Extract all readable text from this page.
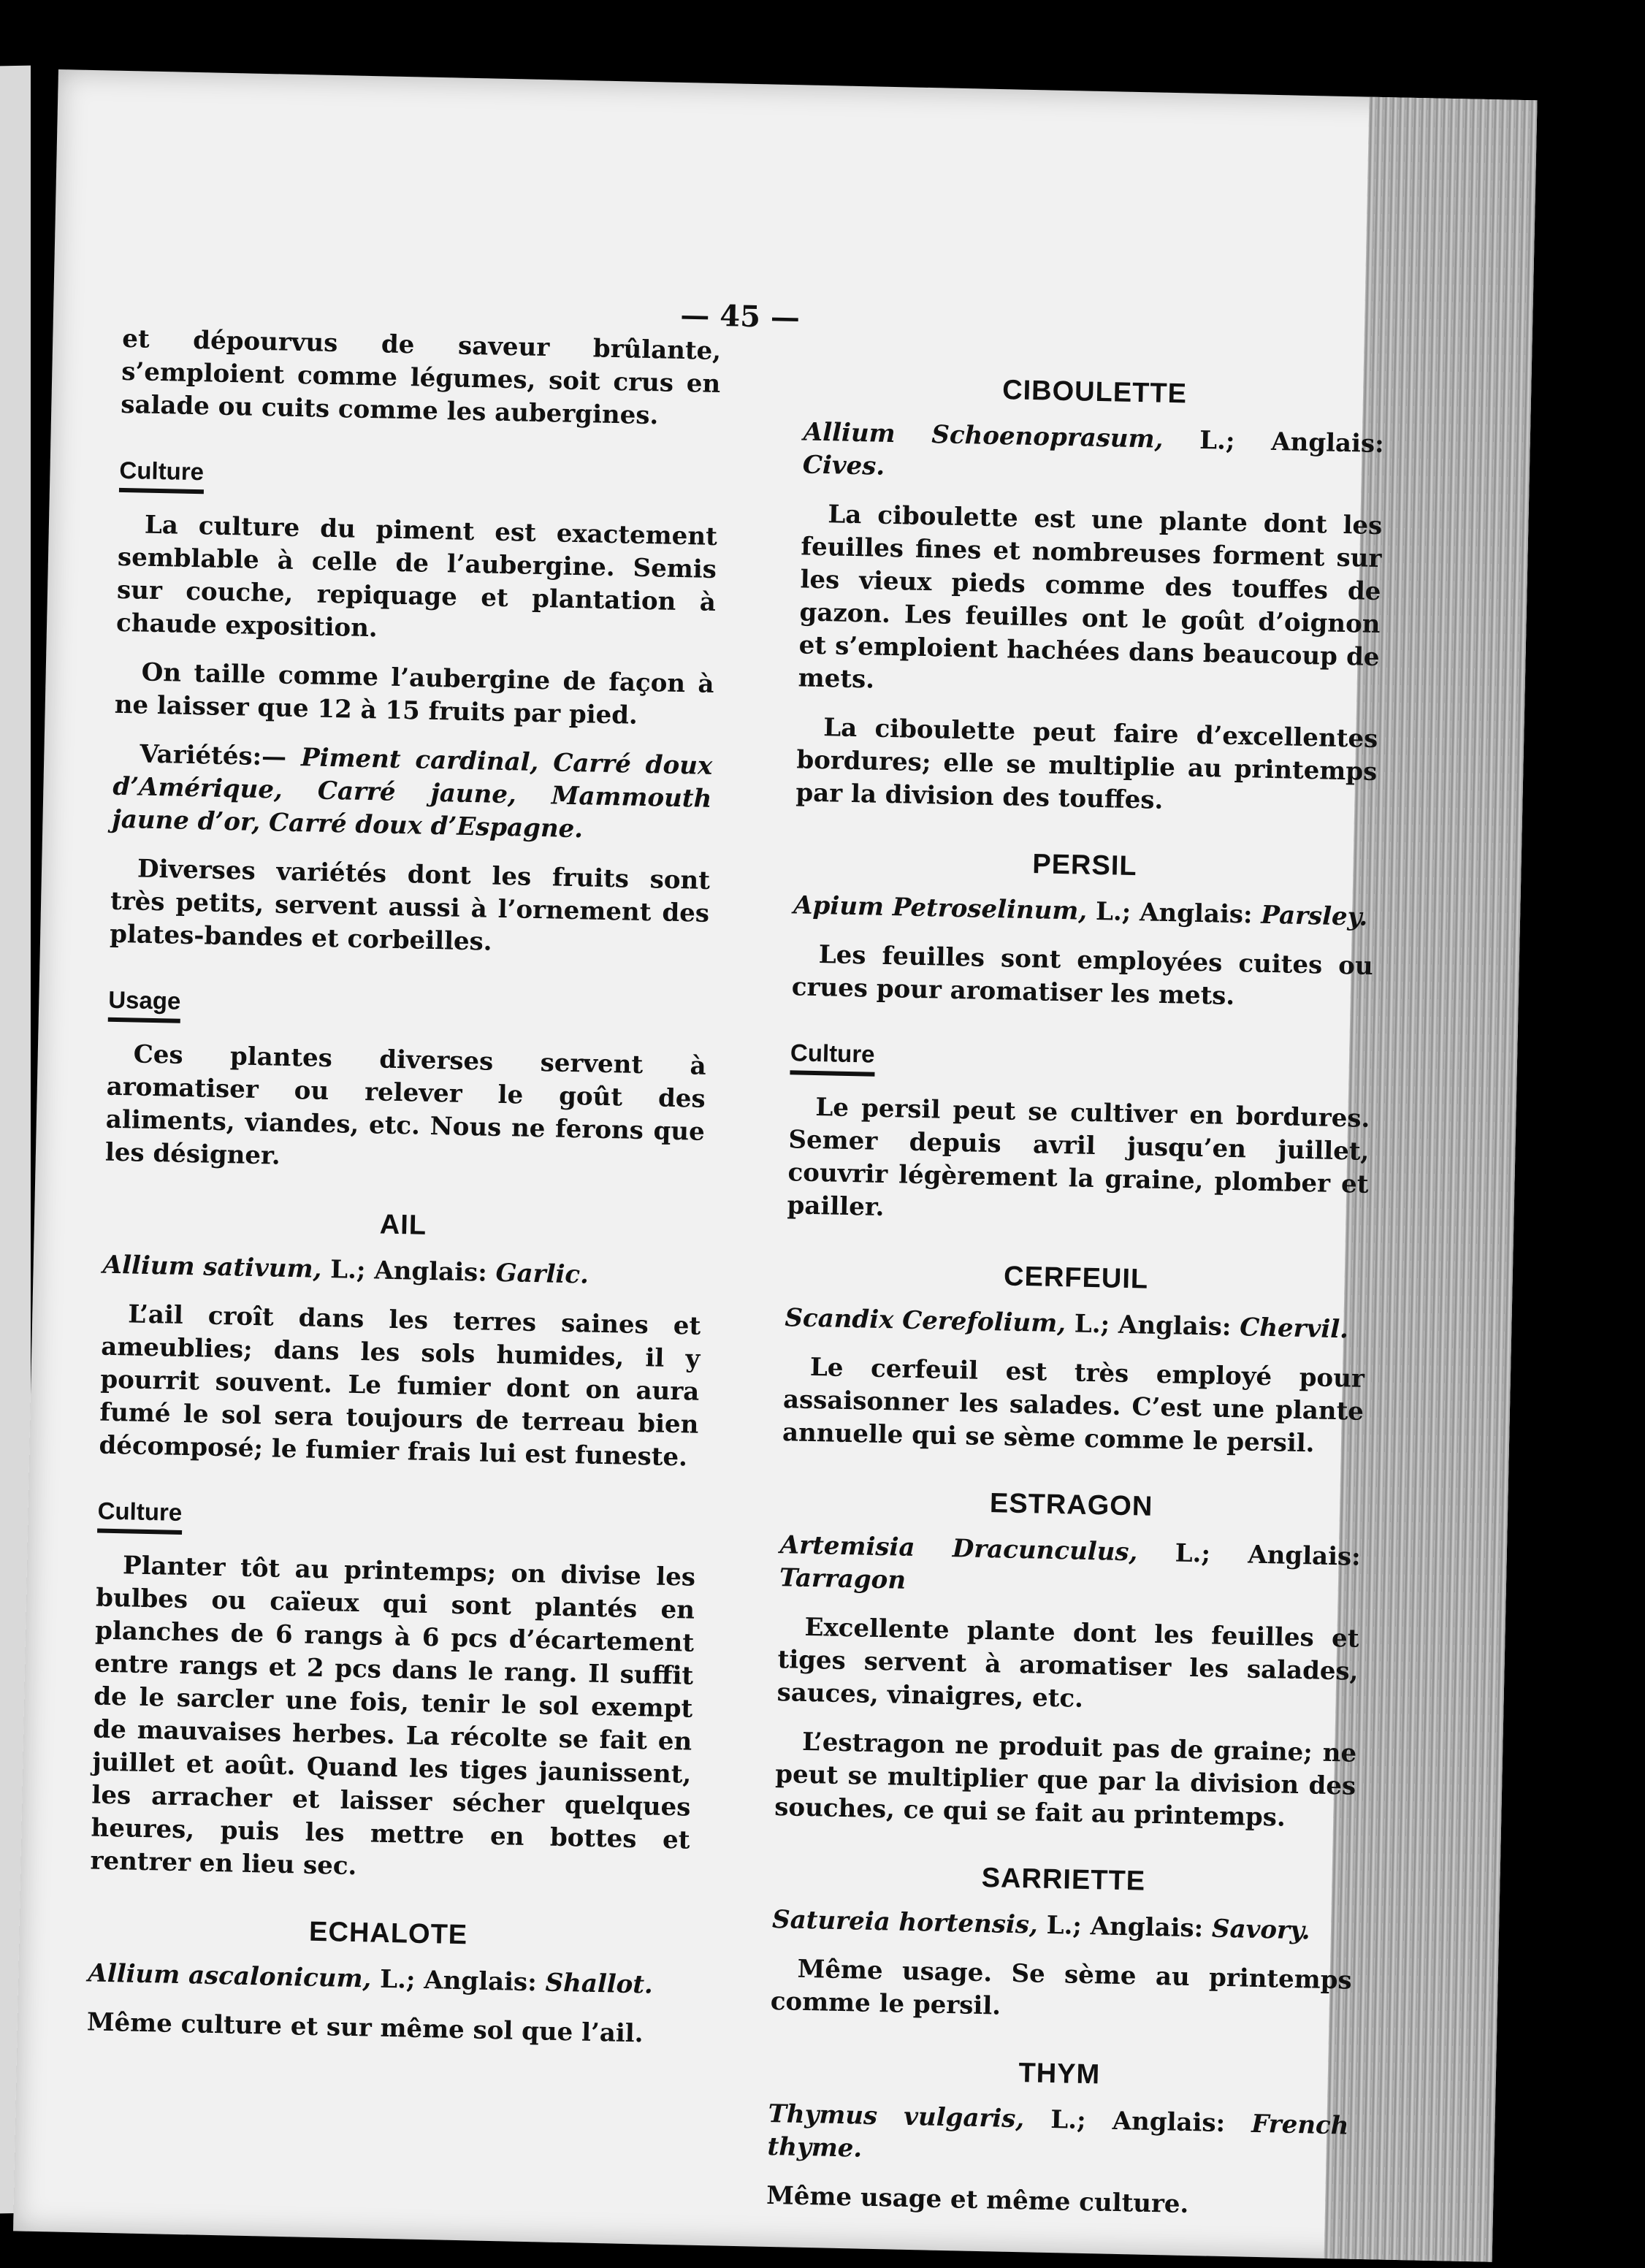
— 45 —

et dépourvus de saveur brûlante, s’emploient comme légumes, soit crus en salade ou cuits comme les aubergines.

Culture

La culture du piment est exactement semblable à celle de l’aubergine. Semis sur couche, repiquage et plantation à chaude exposition.

On taille comme l’aubergine de façon à ne laisser que 12 à 15 fruits par pied.

Variétés:— Piment cardinal, Carré doux d’Amérique, Carré jaune, Mammouth jaune d’or, Carré doux d’Espagne.

Diverses variétés dont les fruits sont très petits, servent aussi à l’ornement des plates-bandes et corbeilles.

Usage

Ces plantes diverses servent à aromatiser ou relever le goût des aliments, viandes, etc. Nous ne ferons que les désigner.

AIL

Allium sativum, L.; Anglais: Garlic.

L’ail croît dans les terres saines et ameublies; dans les sols humides, il y pourrit souvent. Le fumier dont on aura fumé le sol sera toujours de terreau bien décomposé; le fumier frais lui est funeste.

Culture

Planter tôt au printemps; on divise les bulbes ou caïeux qui sont plantés en planches de 6 rangs à 6 pcs d’écartement entre rangs et 2 pcs dans le rang. Il suffit de le sarcler une fois, tenir le sol exempt de mauvaises herbes. La récolte se fait en juillet et août. Quand les tiges jaunissent, les arracher et laisser sécher quelques heures, puis les mettre en bottes et rentrer en lieu sec.

ECHALOTE

Allium ascalonicum, L.; Anglais: Shallot.

Même culture et sur même sol que l’ail.

CIBOULETTE

Allium Schoenoprasum, L.; Anglais: Cives.

La ciboulette est une plante dont les feuilles fines et nombreuses forment sur les vieux pieds comme des touffes de gazon. Les feuilles ont le goût d’oignon et s’emploient hachées dans beaucoup de mets.

La ciboulette peut faire d’excellentes bordures; elle se multiplie au printemps par la division des touffes.

PERSIL

Apium Petroselinum, L.; Anglais: Parsley.

Les feuilles sont employées cuites ou crues pour aromatiser les mets.

Culture

Le persil peut se cultiver en bordures. Semer depuis avril jusqu’en juillet, couvrir légèrement la graine, plomber et pailler.

CERFEUIL

Scandix Cerefolium, L.; Anglais: Chervil.

Le cerfeuil est très employé pour assaisonner les salades. C’est une plante annuelle qui se sème comme le persil.

ESTRAGON

Artemisia Dracunculus, L.; Anglais: Tarragon

Excellente plante dont les feuilles et tiges servent à aromatiser les salades, sauces, vinaigres, etc.

L’estragon ne produit pas de graine; ne peut se multiplier que par la division des souches, ce qui se fait au printemps.

SARRIETTE

Satureia hortensis, L.; Anglais: Savory.

Même usage. Se sème au printemps comme le persil.

THYM

Thymus vulgaris, L.; Anglais: French thyme.

Même usage et même culture.
